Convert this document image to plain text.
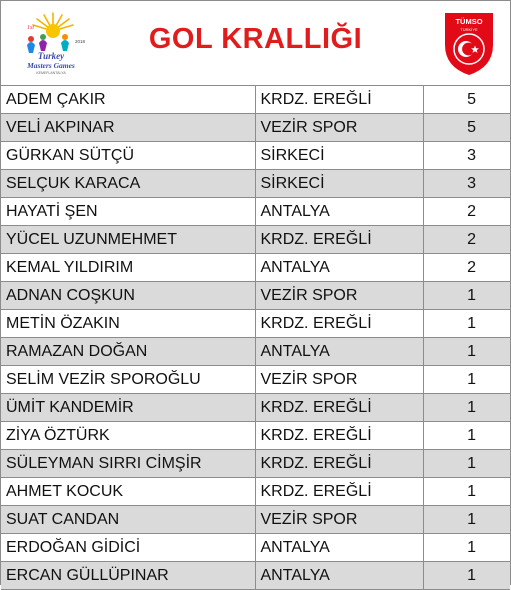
1st
2018
Turkey
Masters Games
KEMER-ANTALYA
GOL KRALLIĞI
TÜMSO
TÜRKİYE
ADEM ÇAKIR	KRDZ. EREĞLİ	5
VELİ AKPINAR	VEZİR SPOR	5
GÜRKAN SÜTÇÜ	SİRKECİ	3
SELÇUK KARACA	SİRKECİ	3
HAYATİ ŞEN	ANTALYA	2
YÜCEL UZUNMEHMET	KRDZ. EREĞLİ	2
KEMAL YILDIRIM	ANTALYA	2
ADNAN COŞKUN	VEZİR SPOR	1
METİN ÖZAKIN	KRDZ. EREĞLİ	1
RAMAZAN DOĞAN	ANTALYA	1
SELİM VEZİR SPOROĞLU	VEZİR SPOR	1
ÜMİT KANDEMİR	KRDZ. EREĞLİ	1
ZİYA ÖZTÜRK	KRDZ. EREĞLİ	1
SÜLEYMAN SIRRI CİMŞİR	KRDZ. EREĞLİ	1
AHMET KOCUK	KRDZ. EREĞLİ	1
SUAT CANDAN	VEZİR SPOR	1
ERDOĞAN GİDİCİ	ANTALYA	1
ERCAN GÜLLÜPINAR	ANTALYA	1
